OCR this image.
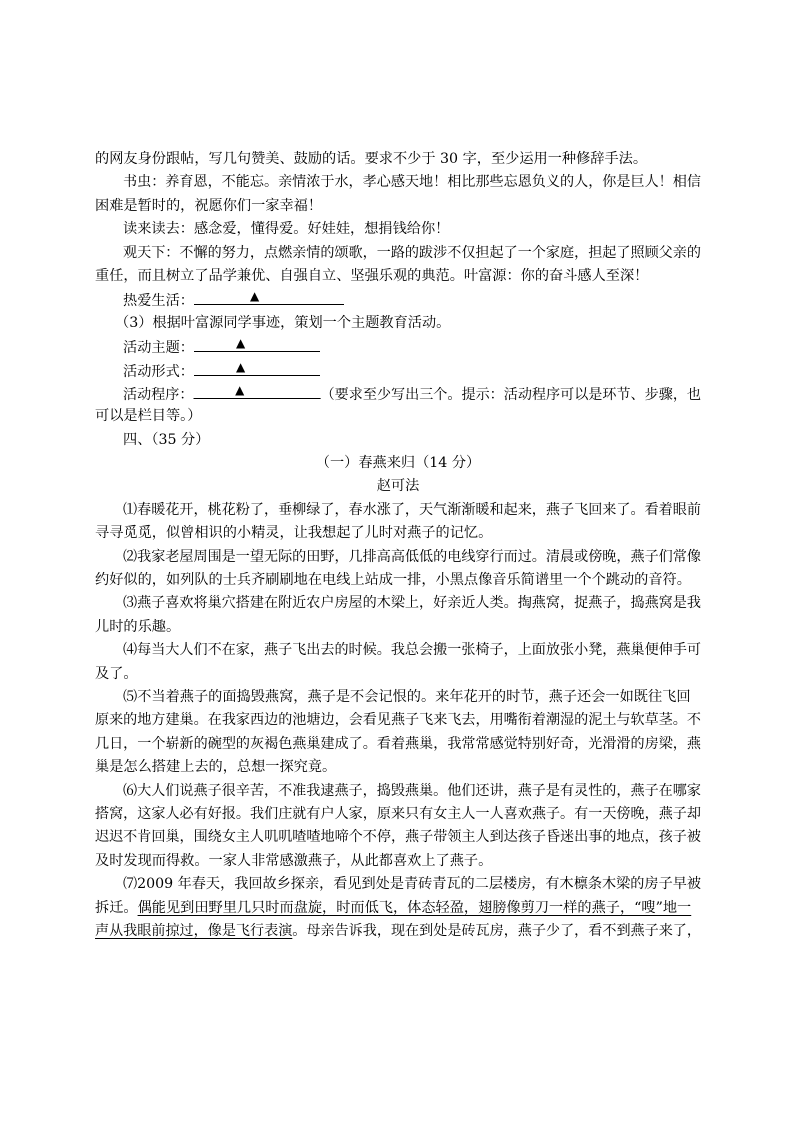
的网友身份跟帖，写几句赞美、鼓励的话。要求不少于 30 字，至少运用一种修辞手法。
书虫：养育恩，不能忘。亲情浓于水，孝心感天地！相比那些忘恩负义的人，你是巨人！相信
困难是暂时的，祝愿你们一家幸福！
读来读去：感念爱，懂得爱。好娃娃，想捐钱给你！
观天下：不懈的努力，点燃亲情的颂歌，一路的跋涉不仅担起了一个家庭，担起了照顾父亲的
重任，而且树立了品学兼优、自强自立、坚强乐观的典范。叶富源：你的奋斗感人至深！
热爱生活：	▲
（3）根据叶富源同学事迹，策划一个主题教育活动。
活动主题：	▲
活动形式：	▲
活动程序：	▲	（要求至少写出三个。提示：活动程序可以是环节、步骤，也
可以是栏目等。）
四、（35 分）
（一）春燕来归（14 分）
赵可法
⑴春暖花开，桃花粉了，垂柳绿了，春水涨了，天气渐渐暖和起来，燕子飞回来了。看着眼前
寻寻觅觅，似曾相识的小精灵，让我想起了儿时对燕子的记忆。
⑵我家老屋周围是一望无际的田野，几排高高低低的电线穿行而过。清晨或傍晚，燕子们常像
约好似的，如列队的士兵齐刷刷地在电线上站成一排，小黑点像音乐简谱里一个个跳动的音符。
⑶燕子喜欢将巢穴搭建在附近农户房屋的木梁上，好亲近人类。掏燕窝，捉燕子，捣燕窝是我
儿时的乐趣。
⑷每当大人们不在家，燕子飞出去的时候。我总会搬一张椅子，上面放张小凳，燕巢便伸手可
及了。
⑸不当着燕子的面捣毁燕窝，燕子是不会记恨的。来年花开的时节，燕子还会一如既往飞回
原来的地方建巢。在我家西边的池塘边，会看见燕子飞来飞去，用嘴衔着潮湿的泥土与软草茎。不
几日，一个崭新的碗型的灰褐色燕巢建成了。看着燕巢，我常常感觉特别好奇，光滑滑的房梁，燕
巢是怎么搭建上去的，总想一探究竟。
⑹大人们说燕子很辛苦，不准我逮燕子，捣毁燕巢。他们还讲，燕子是有灵性的，燕子在哪家
搭窝，这家人必有好报。我们庄就有户人家，原来只有女主人一人喜欢燕子。有一天傍晚，燕子却
迟迟不肯回巢，围绕女主人叽叽喳喳地啼个不停，燕子带领主人到达孩子昏迷出事的地点，孩子被
及时发现而得救。一家人非常感激燕子，从此都喜欢上了燕子。
⑺2009 年春天，我回故乡探亲，看见到处是青砖青瓦的二层楼房，有木檩条木梁的房子早被
拆迁。偶能见到田野里几只时而盘旋，时而低飞，体态轻盈，翅膀像剪刀一样的燕子，“嗖”地一
声从我眼前掠过，像是飞行表演。母亲告诉我，现在到处是砖瓦房，燕子少了，看不到燕子来了，
